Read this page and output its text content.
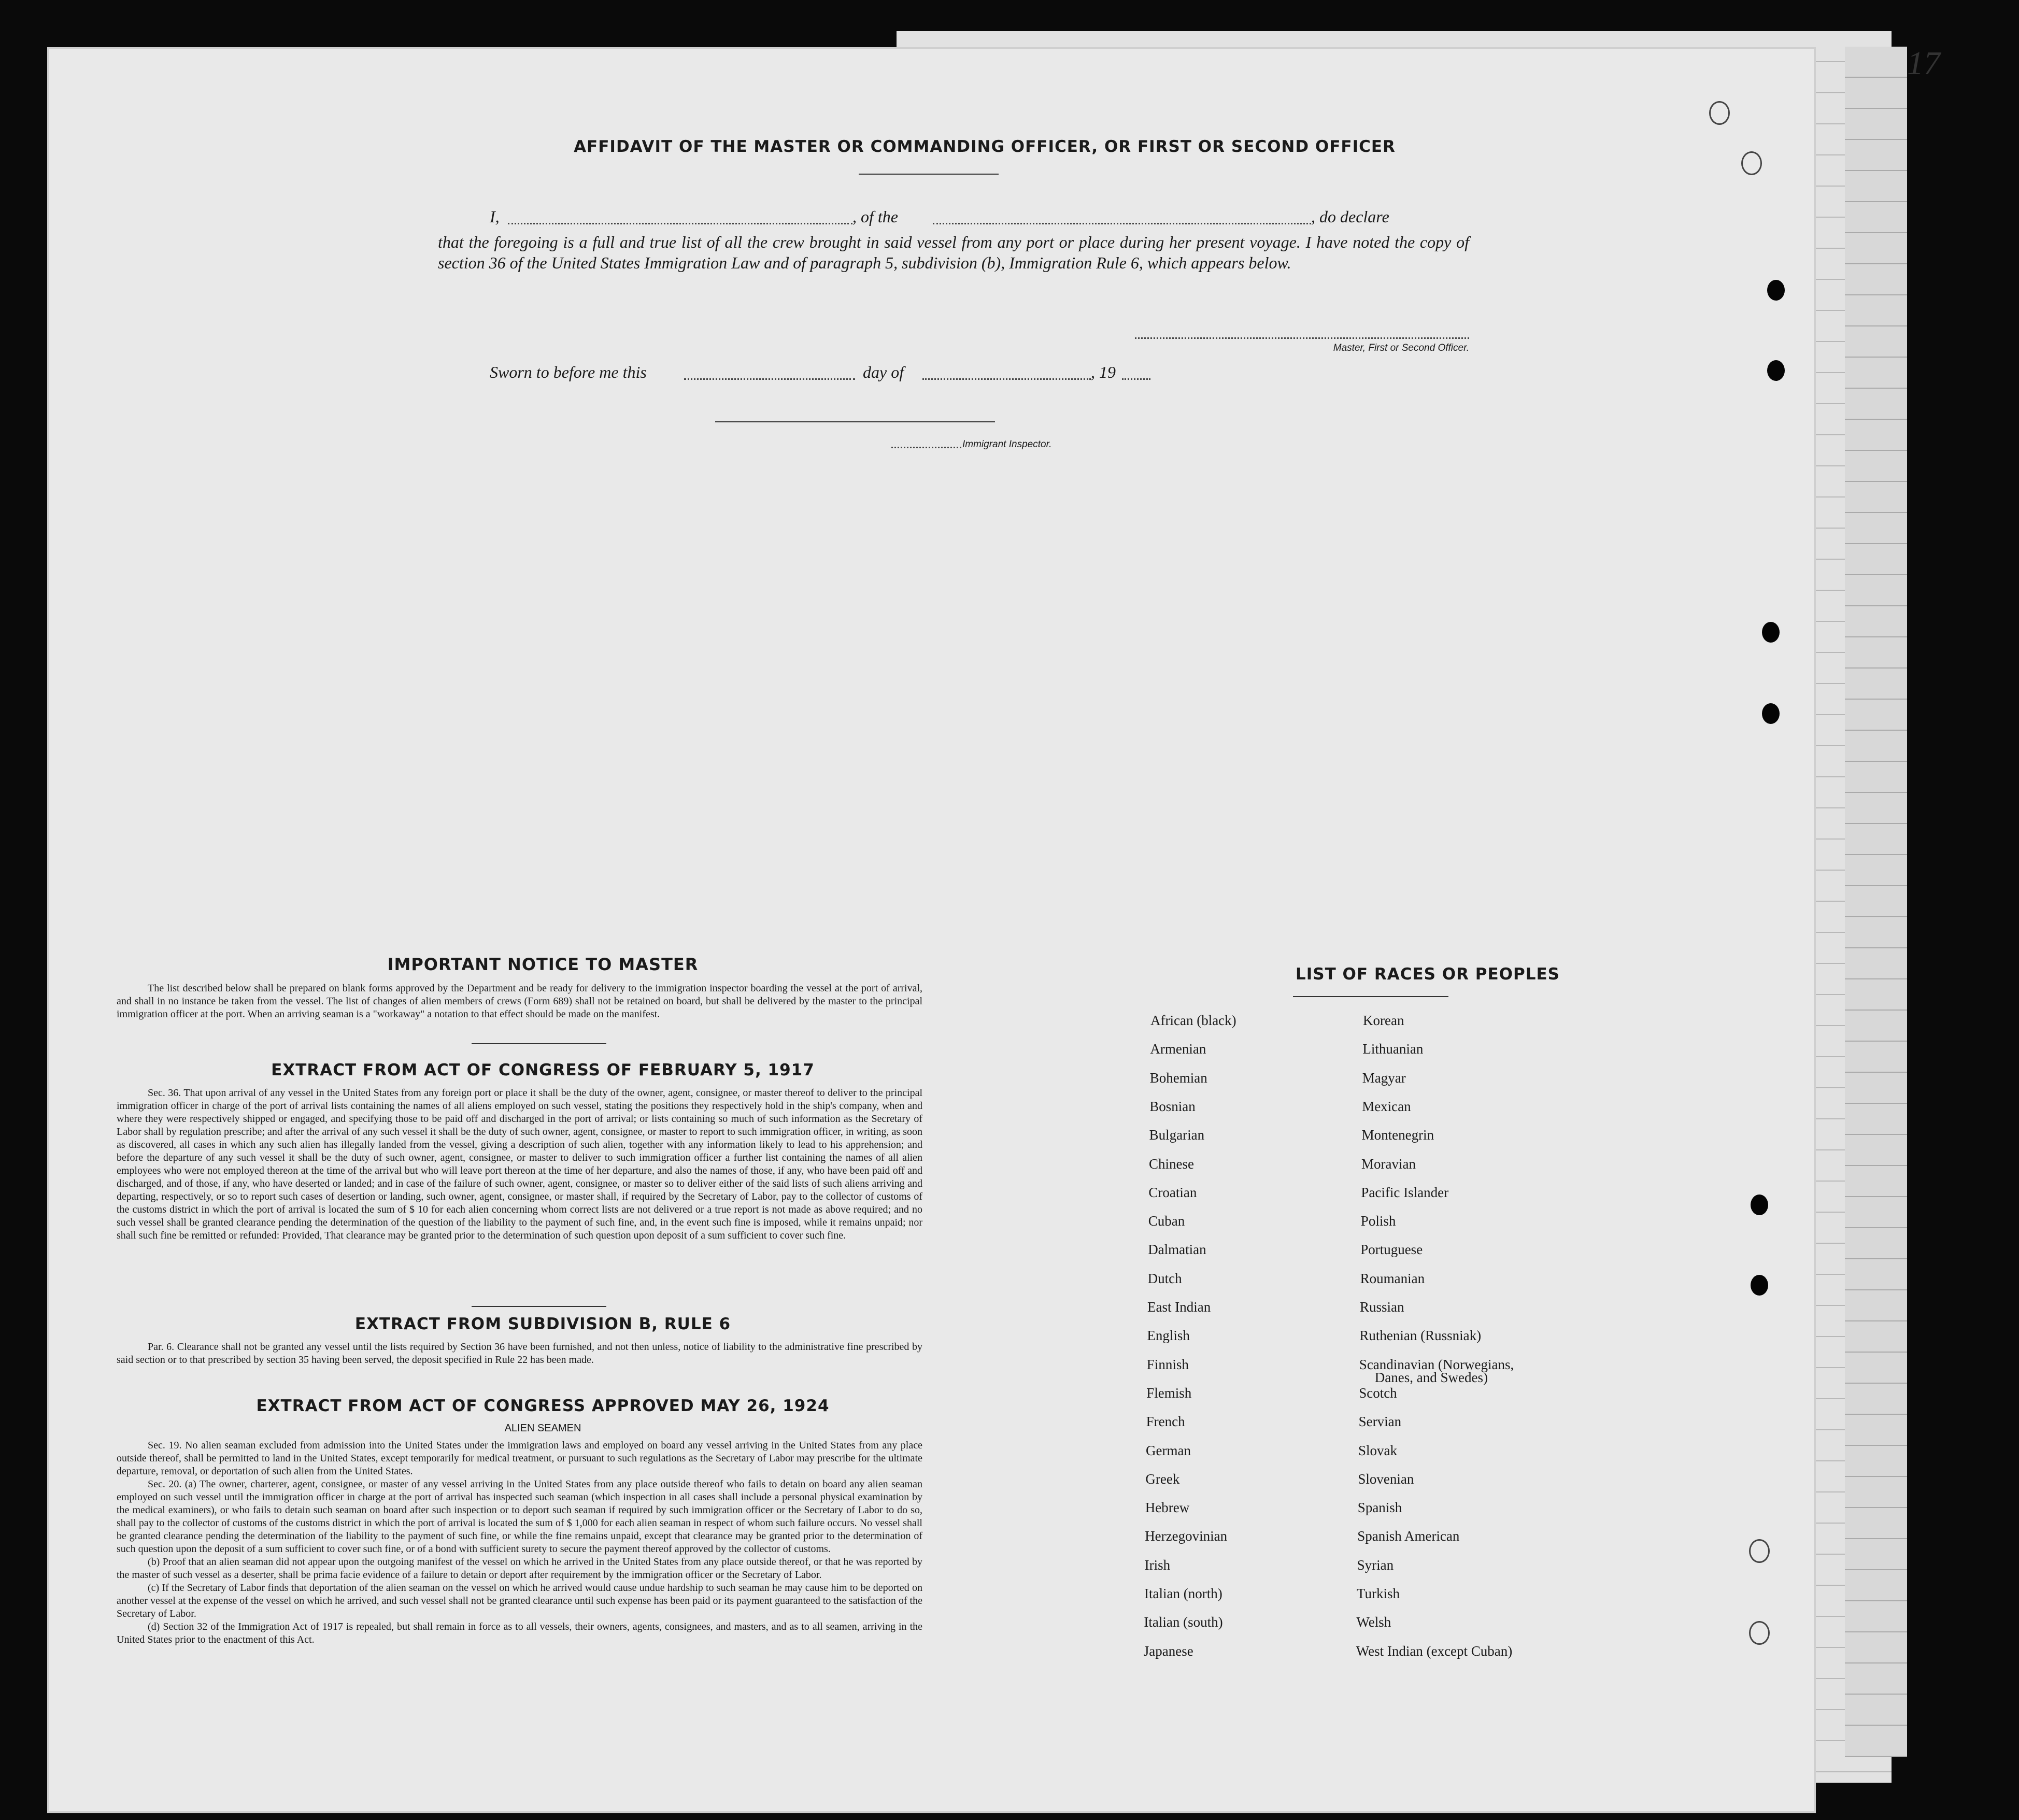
17
AFFIDAVIT OF THE MASTER OR COMMANDING OFFICER, OR FIRST OR SECOND OFFICER
I,	, of the	, do declare
that the foregoing is a full and true list of all the crew brought in said vessel from any port or place during her present voyage. I have noted the copy of section 36 of the United States Immigration Law and of paragraph 5, subdivision (b), Immigration Rule 6, which appears below.
Master, First or Second Officer.
Sworn to before me this	day of	, 19
Immigrant Inspector.
IMPORTANT NOTICE TO MASTER

The list described below shall be prepared on blank forms approved by the Department and be ready for delivery to the immigration inspector boarding the vessel at the port of arrival, and shall in no instance be taken from the vessel. The list of changes of alien members of crews (Form 689) shall not be retained on board, but shall be delivered by the master to the principal immigration officer at the port. When an arriving seaman is a "workaway" a notation to that effect should be made on the manifest.

EXTRACT FROM ACT OF CONGRESS OF FEBRUARY 5, 1917

Sec. 36. That upon arrival of any vessel in the United States from any foreign port or place it shall be the duty of the owner, agent, consignee, or master thereof to deliver to the principal immigration officer in charge of the port of arrival lists containing the names of all aliens employed on such vessel, stating the positions they respectively hold in the ship's company, when and where they were respectively shipped or engaged, and specifying those to be paid off and discharged in the port of arrival; or lists containing so much of such information as the Secretary of Labor shall by regulation prescribe; and after the arrival of any such vessel it shall be the duty of such owner, agent, consignee, or master to report to such immigration officer, in writing, as soon as discovered, all cases in which any such alien has illegally landed from the vessel, giving a description of such alien, together with any information likely to lead to his apprehension; and before the departure of any such vessel it shall be the duty of such owner, agent, consignee, or master to deliver to such immigration officer a further list containing the names of all alien employees who were not employed thereon at the time of the arrival but who will leave port thereon at the time of her departure, and also the names of those, if any, who have been paid off and discharged, and of those, if any, who have deserted or landed; and in case of the failure of such owner, agent, consignee, or master so to deliver either of the said lists of such aliens arriving and departing, respectively, or so to report such cases of desertion or landing, such owner, agent, consignee, or master shall, if required by the Secretary of Labor, pay to the collector of customs of the customs district in which the port of arrival is located the sum of $ 10 for each alien concerning whom correct lists are not delivered or a true report is not made as above required; and no such vessel shall be granted clearance pending the determination of the question of the liability to the payment of such fine, and, in the event such fine is imposed, while it remains unpaid; nor shall such fine be remitted or refunded: Provided, That clearance may be granted prior to the determination of such question upon deposit of a sum sufficient to cover such fine.

EXTRACT FROM SUBDIVISION B, RULE 6

Par. 6. Clearance shall not be granted any vessel until the lists required by Section 36 have been furnished, and not then unless, notice of liability to the administrative fine prescribed by said section or to that prescribed by section 35 having been served, the deposit specified in Rule 22 has been made.

EXTRACT FROM ACT OF CONGRESS APPROVED MAY 26, 1924
ALIEN SEAMEN

Sec. 19. No alien seaman excluded from admission into the United States under the immigration laws and employed on board any vessel arriving in the United States from any place outside thereof, shall be permitted to land in the United States, except temporarily for medical treatment, or pursuant to such regulations as the Secretary of Labor may prescribe for the ultimate departure, removal, or deportation of such alien from the United States.

Sec. 20. (a) The owner, charterer, agent, consignee, or master of any vessel arriving in the United States from any place outside thereof who fails to detain on board any alien seaman employed on such vessel until the immigration officer in charge at the port of arrival has inspected such seaman (which inspection in all cases shall include a personal physical examination by the medical examiners), or who fails to detain such seaman on board after such inspection or to deport such seaman if required by such immigration officer or the Secretary of Labor to do so, shall pay to the collector of customs of the customs district in which the port of arrival is located the sum of $ 1,000 for each alien seaman in respect of whom such failure occurs. No vessel shall be granted clearance pending the determination of the liability to the payment of such fine, or while the fine remains unpaid, except that clearance may be granted prior to the determination of such question upon the deposit of a sum sufficient to cover such fine, or of a bond with sufficient surety to secure the payment thereof approved by the collector of customs.

(b) Proof that an alien seaman did not appear upon the outgoing manifest of the vessel on which he arrived in the United States from any place outside thereof, or that he was reported by the master of such vessel as a deserter, shall be prima facie evidence of a failure to detain or deport after requirement by the immigration officer or the Secretary of Labor.

(c) If the Secretary of Labor finds that deportation of the alien seaman on the vessel on which he arrived would cause undue hardship to such seaman he may cause him to be deported on another vessel at the expense of the vessel on which he arrived, and such vessel shall not be granted clearance until such expense has been paid or its payment guaranteed to the satisfaction of the Secretary of Labor.

(d) Section 32 of the Immigration Act of 1917 is repealed, but shall remain in force as to all vessels, their owners, agents, consignees, and masters, and as to all seamen, arriving in the United States prior to the enactment of this Act.

LIST OF RACES OR PEOPLES
African (black)
Armenian
Bohemian
Bosnian
Bulgarian
Chinese
Croatian
Cuban
Dalmatian
Dutch
East Indian
English
Finnish
Flemish
French
German
Greek
Hebrew
Herzegovinian
Irish
Italian (north)
Italian (south)
Japanese
Korean
Lithuanian
Magyar
Mexican
Montenegrin
Moravian
Pacific Islander
Polish
Portuguese
Roumanian
Russian
Ruthenian (Russniak)
Scandinavian (Norwegians,
Danes, and Swedes)
Scotch
Servian
Slovak
Slovenian
Spanish
Spanish American
Syrian
Turkish
Welsh
West Indian (except Cuban)
